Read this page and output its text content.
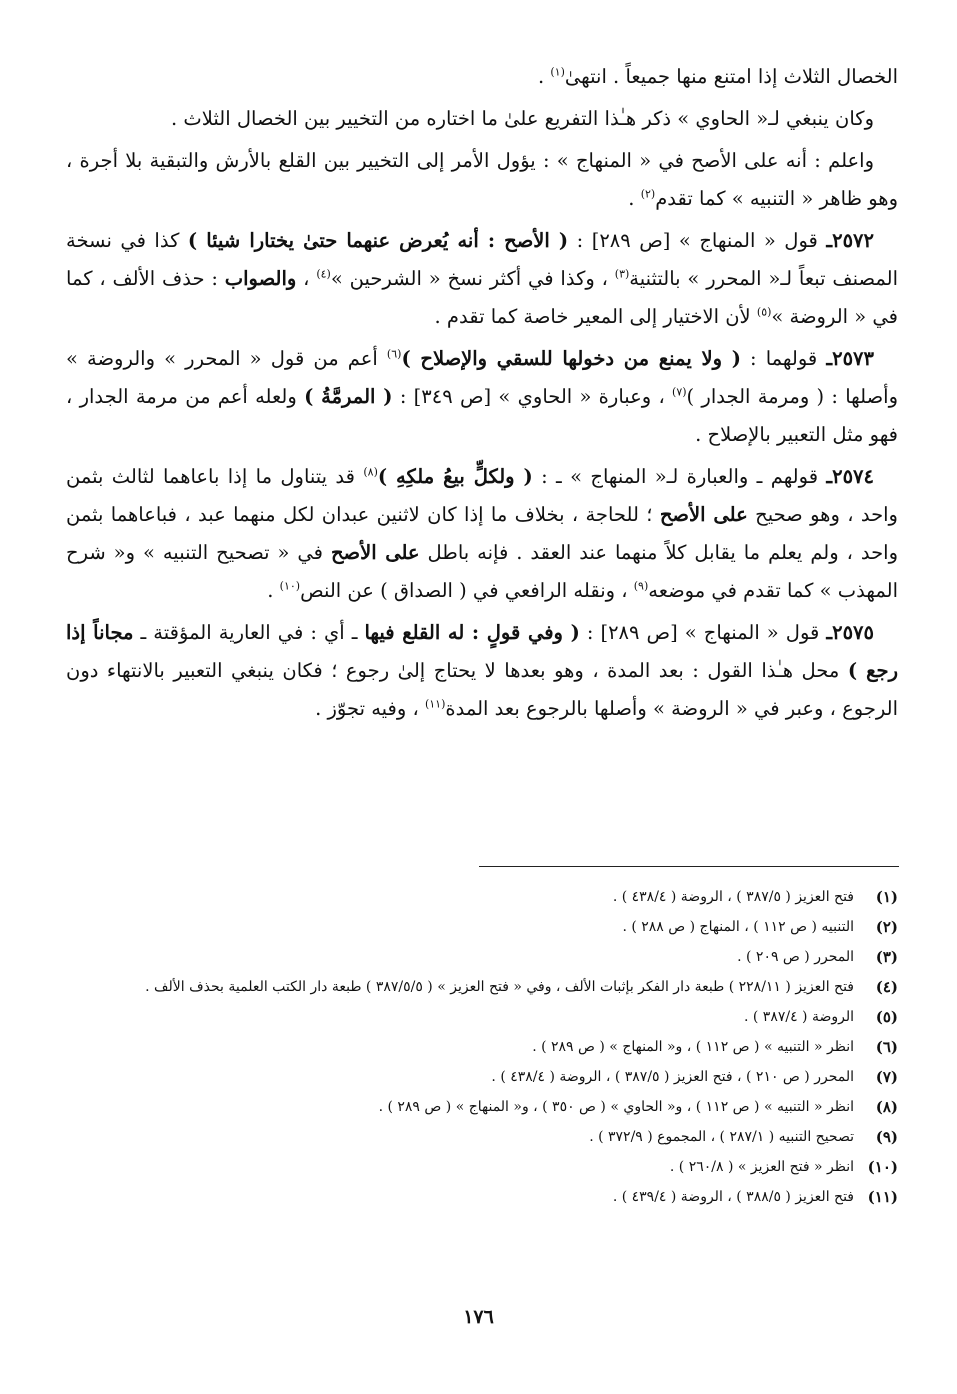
الخصال الثلاث إذا امتنع منها جميعاً . انتهىٰ$^{(١)}$ .

وكان ينبغي لـ« الحاوي » ذكر هـٰذا التفريع علىٰ ما اختاره من التخيير بين الخصال الثلاث .

واعلم : أنه على الأصح في « المنهاج » : يؤول الأمر إلى التخيير بين القلع بالأرش والتبقية بلا أجرة ، وهو ظاهر « التنبيه » كما تقدم$^{(٢)}$ .

٢٥٧٢ـ قول « المنهاج » [ص ٢٨٩] : ( الأصح : أنه يُعرض عنهما حتىٰ يختارا شيئا ) كذا في نسخة المصنف تبعاً لـ« المحرر » بالتثنية$^{(٣)}$ ، وكذا في أكثر نسخ « الشرحين »$^{(٤)}$ ، والصواب : حذف الألف ، كما في « الروضة »$^{(٥)}$ لأن الاختيار إلى المعير خاصة كما تقدم .

٢٥٧٣ـ قولهما : ( ولا يمنع من دخولها للسقي والإصلاح )$^{(٦)}$ أعم من قول « المحرر » والروضة » وأصلها : ( ومرمة الجدار )$^{(٧)}$ ، وعبارة « الحاوي » [ص ٣٤٩] : ( المرمَّةُ ) ولعله أعم من مرمة الجدار ، فهو مثل التعبير بالإصلاح .

٢٥٧٤ـ قولهم ـ والعبارة لـ« المنهاج » ـ : ( ولكلٍّ بيعُ ملكِهِ )$^{(٨)}$ قد يتناول ما إذا باعاهما لثالث بثمن واحد ، وهو صحيح على الأصح ؛ للحاجة ، بخلاف ما إذا كان لاثنين عبدان لكل منهما عبد ، فباعاهما بثمن واحد ، ولم يعلم ما يقابل كلاً منهما عند العقد . فإنه باطل على الأصح في « تصحيح التنبيه » و« شرح المهذب » كما تقدم في موضعه$^{(٩)}$ ، ونقله الرافعي في ( الصداق ) عن النص$^{(١٠)}$ .

٢٥٧٥ـ قول « المنهاج » [ص ٢٨٩] : ( وفي قولٍ : له القلع فيها ـ أي : في العارية المؤقتة ـ مجاناً إذا رجع ) محل هـٰذا القول : بعد المدة ، وهو بعدها لا يحتاج إلىٰ رجوع ؛ فكان ينبغي التعبير بالانتهاء دون الرجوع ، وعبر في « الروضة » وأصلها بالرجوع بعد المدة$^{(١١)}$ ، وفيه تجوّز .

(١)
فتح العزيز ( ٣٨٧/٥ ) ، الروضة ( ٤٣٨/٤ ) .
(٢)
التنبيه ( ص ١١٢ ) ، المنهاج ( ص ٢٨٨ ) .
(٣)
المحرر ( ص ٢٠٩ ) .
(٤)
فتح العزيز ( ٢٢٨/١١ ) طبعة دار الفكر بإثبات الألف ، وفي « فتح العزيز » ( ٣٨٧/٥/٥ ) طبعة دار الكتب العلمية بحذف الألف .
(٥)
الروضة ( ٣٨٧/٤ ) .
(٦)
انظر « التنبيه » ( ص ١١٢ ) ، و« المنهاج » ( ص ٢٨٩ ) .
(٧)
المحرر ( ص ٢١٠ ) ، فتح العزيز ( ٣٨٧/٥ ) ، الروضة ( ٤٣٨/٤ ) .
(٨)
انظر « التنبيه » ( ص ١١٢ ) ، و« الحاوي » ( ص ٣٥٠ ) ، و« المنهاج » ( ص ٢٨٩ ) .
(٩)
تصحيح التنبيه ( ٢٨٧/١ ) ، المجموع ( ٣٧٢/٩ ) .
(١٠)
انظر « فتح العزيز » ( ٢٦٠/٨ ) .
(١١)
فتح العزيز ( ٣٨٨/٥ ) ، الروضة ( ٤٣٩/٤ ) .
١٧٦
